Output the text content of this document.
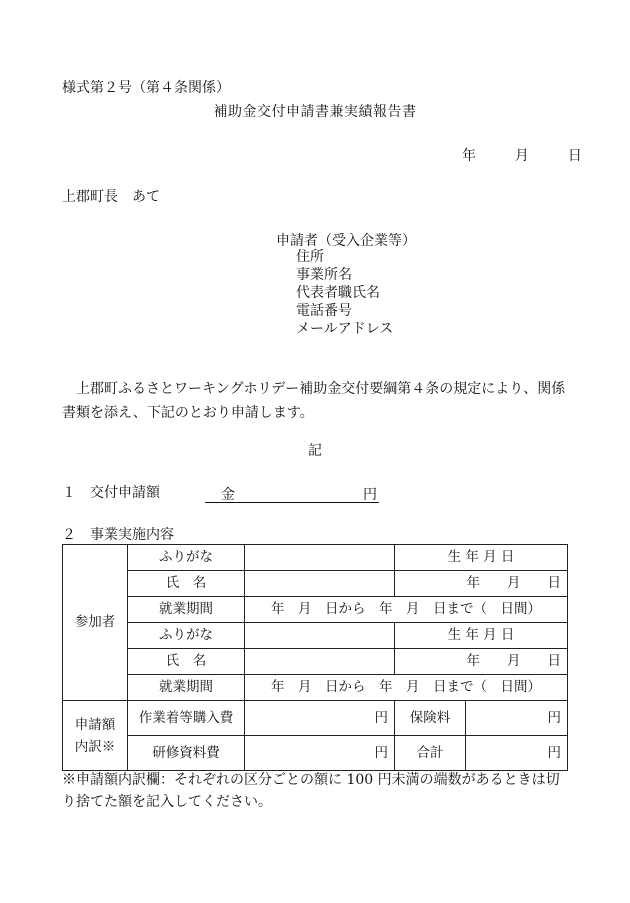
様式第２号（第４条関係）
補助金交付申請書兼実績報告書
年	月	日
上郡町長　あて
申請者（受入企業等）
住所
事業所名
代表者職氏名
電話番号
メールアドレス
上郡町ふるさとワーキングホリデー補助金交付要綱第４条の規定により、関係書類を添え、下記のとおり申請します。
記
１　交付申請額	金	円
２　事業実施内容
参加者	ふりがな		生 年 月 日	
	氏　名		年　　月　　日	
	就業期間	年　月　日から　年　月　日まで（　日間）		
	ふりがな		生 年 月 日	
	氏　名		年　　月　　日	
	就業期間	年　月　日から　年　月　日まで（　日間）		

申請額
内訳※	作業着等購入費	円	保険料	円
	研修資料費	円	合計	円
※申請額内訳欄：それぞれの区分ごとの額に 100 円未満の端数があるときは切り捨てた額を記入してください。
